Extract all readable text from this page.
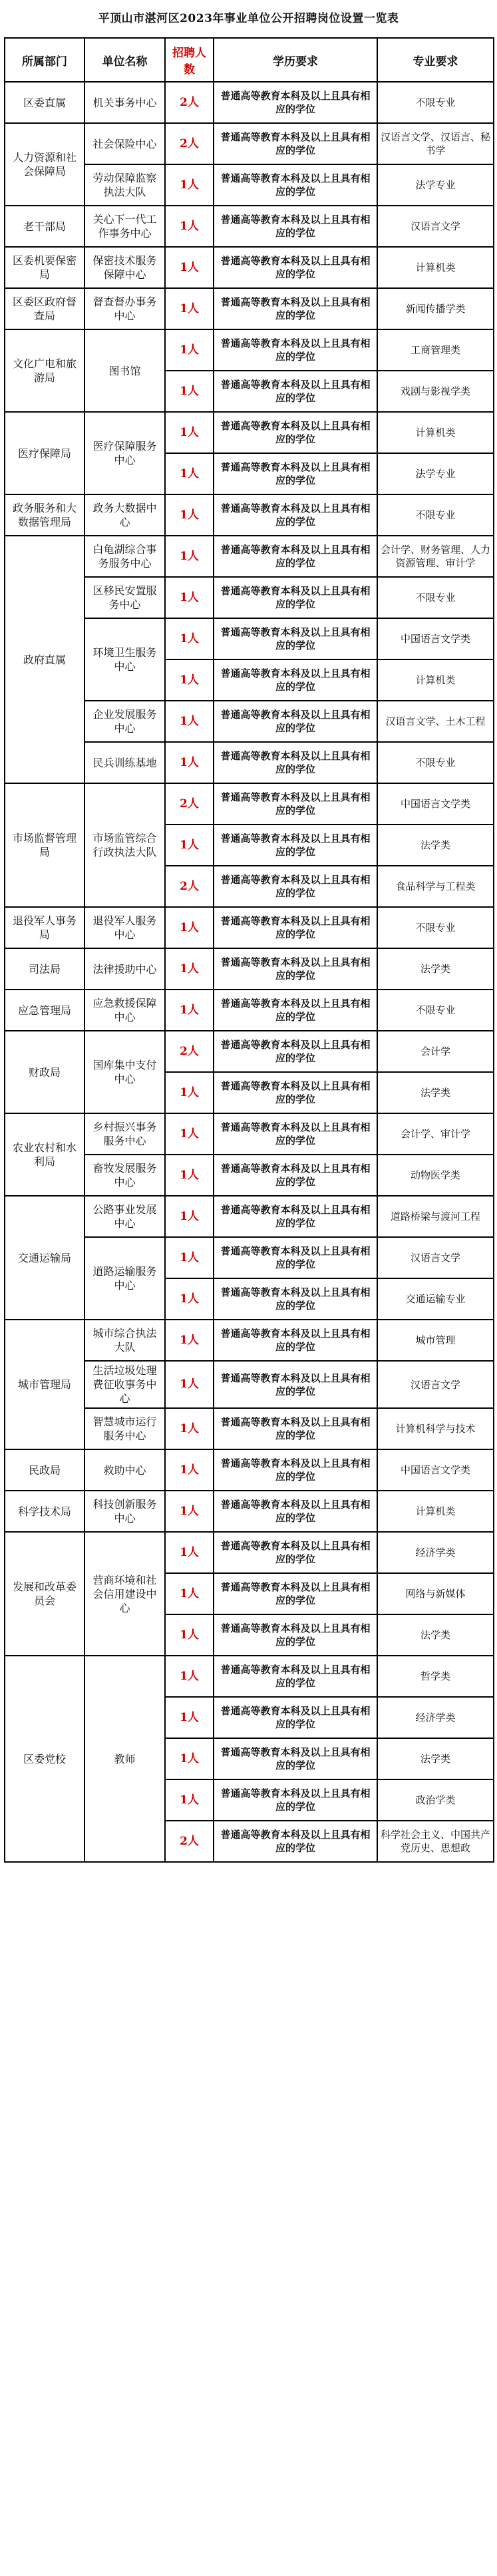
平顶山市湛河区2023年事业单位公开招聘岗位设置一览表
所属部门	单位名称	招聘人数	学历要求	专业要求
区委直属	机关事务中心	2人	普通高等教育本科及以上且具有相应的学位	不限专业
人力资源和社会保障局	社会保险中心	2人	普通高等教育本科及以上且具有相应的学位	汉语言文学、汉语言、秘书学
	劳动保障监察执法大队	1人	普通高等教育本科及以上且具有相应的学位	法学专业
老干部局	关心下一代工作事务中心	1人	普通高等教育本科及以上且具有相应的学位	汉语言文学
区委机要保密局	保密技术服务保障中心	1人	普通高等教育本科及以上且具有相应的学位	计算机类
区委区政府督查局	督查督办事务中心	1人	普通高等教育本科及以上且具有相应的学位	新闻传播学类
文化广电和旅游局	图书馆	1人	普通高等教育本科及以上且具有相应的学位	工商管理类
		1人	普通高等教育本科及以上且具有相应的学位	戏剧与影视学类
医疗保障局	医疗保障服务中心	1人	普通高等教育本科及以上且具有相应的学位	计算机类
		1人	普通高等教育本科及以上且具有相应的学位	法学专业
政务服务和大数据管理局	政务大数据中心	1人	普通高等教育本科及以上且具有相应的学位	不限专业
政府直属	白龟湖综合事务服务中心	1人	普通高等教育本科及以上且具有相应的学位	会计学、财务管理、人力资源管理、审计学
	区移民安置服务中心	1人	普通高等教育本科及以上且具有相应的学位	不限专业
	环境卫生服务中心	1人	普通高等教育本科及以上且具有相应的学位	中国语言文学类
		1人	普通高等教育本科及以上且具有相应的学位	计算机类
	企业发展服务中心	1人	普通高等教育本科及以上且具有相应的学位	汉语言文学、土木工程
	民兵训练基地	1人	普通高等教育本科及以上且具有相应的学位	不限专业
市场监督管理局	市场监管综合行政执法大队	2人	普通高等教育本科及以上且具有相应的学位	中国语言文学类
		1人	普通高等教育本科及以上且具有相应的学位	法学类
		2人	普通高等教育本科及以上且具有相应的学位	食品科学与工程类
退役军人事务局	退役军人服务中心	1人	普通高等教育本科及以上且具有相应的学位	不限专业
司法局	法律援助中心	1人	普通高等教育本科及以上且具有相应的学位	法学类
应急管理局	应急救援保障中心	1人	普通高等教育本科及以上且具有相应的学位	不限专业
财政局	国库集中支付中心	2人	普通高等教育本科及以上且具有相应的学位	会计学
		1人	普通高等教育本科及以上且具有相应的学位	法学类
农业农村和水利局	乡村振兴事务服务中心	1人	普通高等教育本科及以上且具有相应的学位	会计学、审计学
	畜牧发展服务中心	1人	普通高等教育本科及以上且具有相应的学位	动物医学类
交通运输局	公路事业发展中心	1人	普通高等教育本科及以上且具有相应的学位	道路桥梁与渡河工程
	道路运输服务中心	1人	普通高等教育本科及以上且具有相应的学位	汉语言文学
		1人	普通高等教育本科及以上且具有相应的学位	交通运输专业
城市管理局	城市综合执法大队	1人	普通高等教育本科及以上且具有相应的学位	城市管理
	生活垃圾处理费征收事务中心	1人	普通高等教育本科及以上且具有相应的学位	汉语言文学
	智慧城市运行服务中心	1人	普通高等教育本科及以上且具有相应的学位	计算机科学与技术
民政局	救助中心	1人	普通高等教育本科及以上且具有相应的学位	中国语言文学类
科学技术局	科技创新服务中心	1人	普通高等教育本科及以上且具有相应的学位	计算机类
发展和改革委员会	营商环境和社会信用建设中心	1人	普通高等教育本科及以上且具有相应的学位	经济学类
		1人	普通高等教育本科及以上且具有相应的学位	网络与新媒体
		1人	普通高等教育本科及以上且具有相应的学位	法学类
区委党校	教师	1人	普通高等教育本科及以上且具有相应的学位	哲学类
		1人	普通高等教育本科及以上且具有相应的学位	经济学类
		1人	普通高等教育本科及以上且具有相应的学位	法学类
		1人	普通高等教育本科及以上且具有相应的学位	政治学类
		2人	普通高等教育本科及以上且具有相应的学位	科学社会主义、中国共产党历史、思想政
